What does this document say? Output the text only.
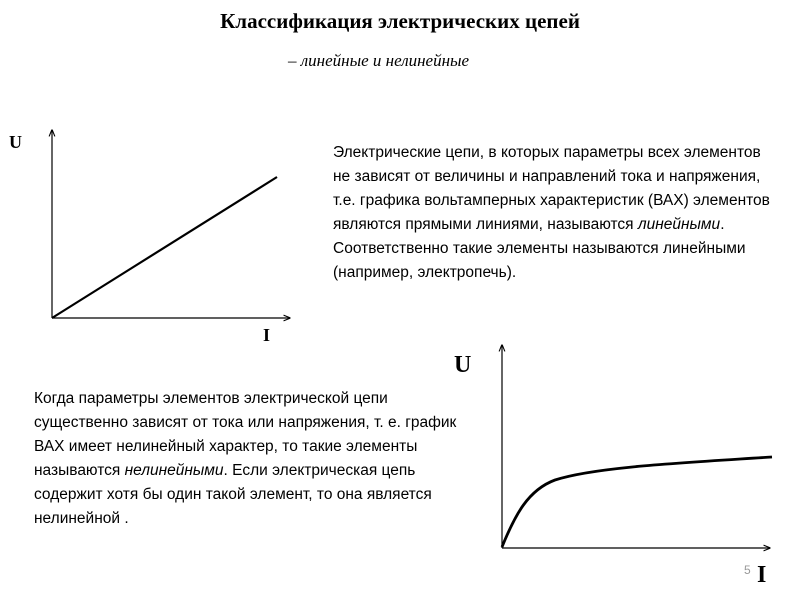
Классификация электрических цепей
– линейные и нелинейные
Электрические цепи, в которых параметры всех элементов не зависят от величины и направлений тока и напряжения, т.е. графика вольтамперных характеристик (ВАХ) элементов являются прямыми линиями, называются линейными. Соответственно такие элементы называются линейными (например, электропечь).
Когда параметры элементов электрической цепи существенно зависят от тока или напряжения, т. е. график ВАХ имеет нелинейный характер, то такие элементы называются нелинейными. Если электрическая цепь содержит хотя бы один такой элемент, то она является нелинейной .
U
I
U
I
5
